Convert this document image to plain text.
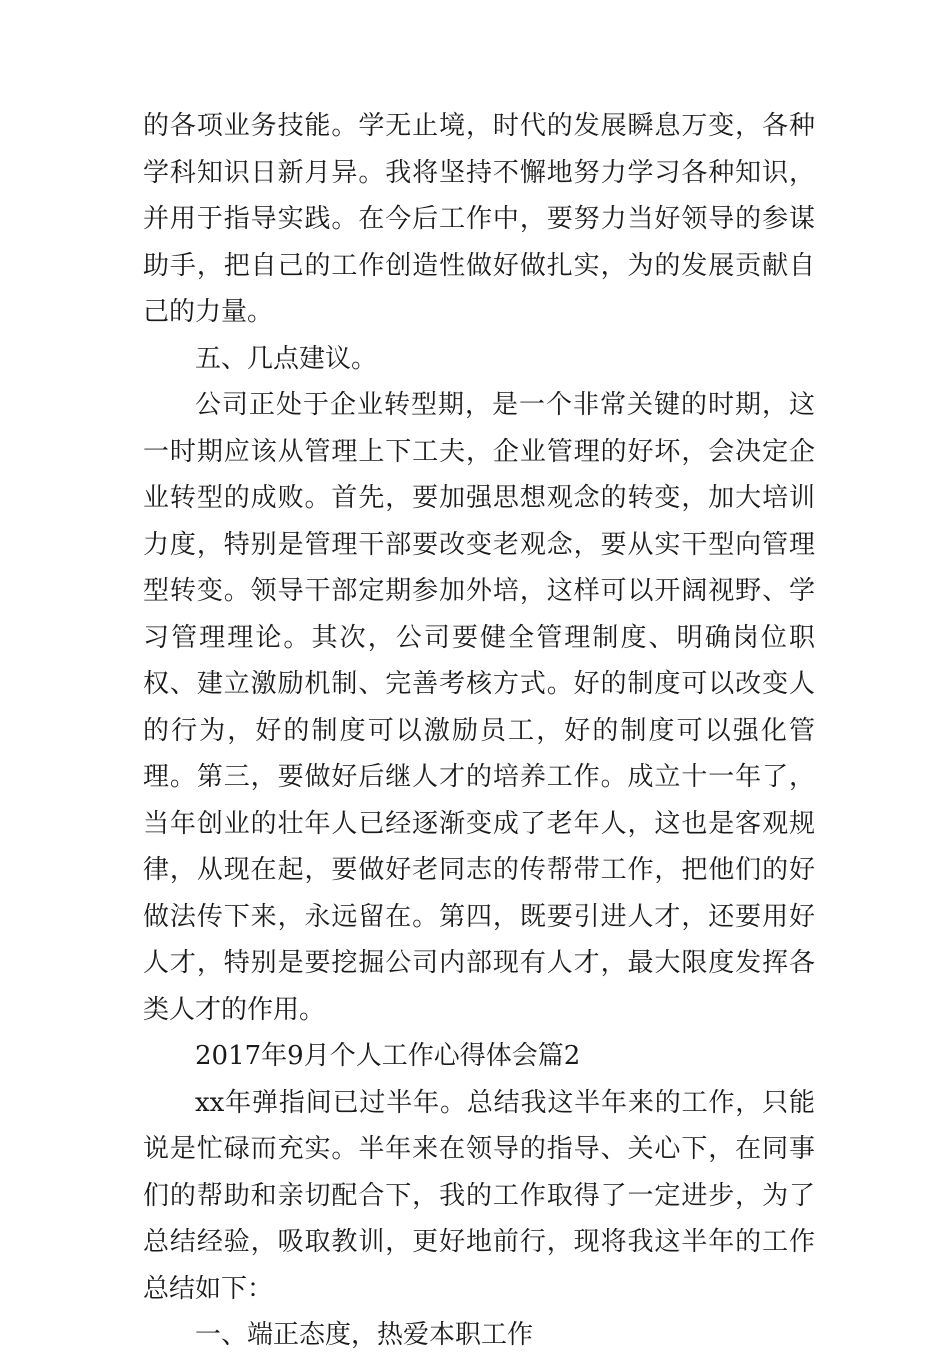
的各项业务技能。学无止境，时代的发展瞬息万变，各种学科知识日新月异。我将坚持不懈地努力学习各种知识，并用于指导实践。在今后工作中，要努力当好领导的参谋助手，把自己的工作创造性做好做扎实，为的发展贡献自己的力量。

五、几点建议。

公司正处于企业转型期，是一个非常关键的时期，这一时期应该从管理上下工夫，企业管理的好坏，会决定企业转型的成败。首先，要加强思想观念的转变，加大培训力度，特别是管理干部要改变老观念，要从实干型向管理型转变。领导干部定期参加外培，这样可以开阔视野、学习管理理论。其次，公司要健全管理制度、明确岗位职权、建立激励机制、完善考核方式。好的制度可以改变人的行为，好的制度可以激励员工，好的制度可以强化管理。第三，要做好后继人才的培养工作。成立十一年了，当年创业的壮年人已经逐渐变成了老年人，这也是客观规律，从现在起，要做好老同志的传帮带工作，把他们的好做法传下来，永远留在。第四，既要引进人才，还要用好人才，特别是要挖掘公司内部现有人才，最大限度发挥各类人才的作用。

2017年9月个人工作心得体会篇2

xx年弹指间已过半年。总结我这半年来的工作，只能说是忙碌而充实。半年来在领导的指导、关心下，在同事们的帮助和亲切配合下，我的工作取得了一定进步，为了总结经验，吸取教训，更好地前行，现将我这半年的工作总结如下：

一、端正态度，热爱本职工作
